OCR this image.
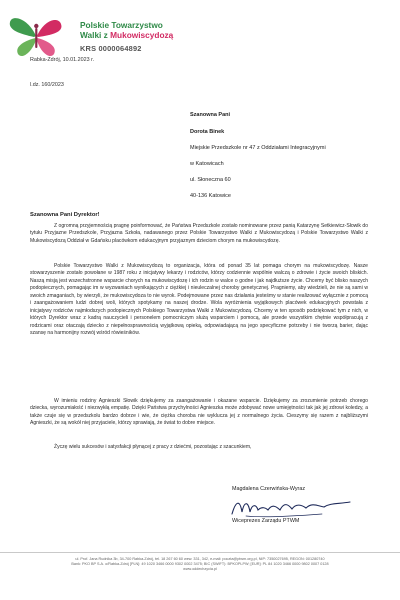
Polskie Towarzystwo
Walki z Mukowiscydozą
KRS 0000064892
Rabka-Zdrój, 10.01.2023 r.
l.dz. 160/2023
Szanowna Pani
Dorota Binek
Miejskie Przedszkole nr 47 z Oddziałami Integracyjnymi
w Katowicach
ul. Słoneczna 60
40-136 Katowice
Szanowna Pani Dyrektor!

Z ogromną przyjemnością pragnę poinformować, że Państwa Przedszkole zostało nominowane przez panią Katarzynę Setkiewicz-Słowik do tytułu Przyjazne Przedszkole, Przyjazna Szkoła, nadawanego przez Polskie Towarzystwo Walki z Mukowiscydozą i Polskie Towarzystwo Walki z Mukowiscydozą Oddział w Gdańsku placówkom edukacyjnym przyjaznym dzieciom chorym na mukowiscydozę.

Polskie Towarzystwo Walki z Mukowiscydozą to organizacja, która od ponad 35 lat pomaga chorym na mukowiscydozę. Nasze stowarzyszenie zostało powołane w 1987 roku z inicjatywy lekarzy i rodziców, którzy codziennie wspólnie walczą o zdrowie i życie swoich bliskich. Naszą misją jest wszechstronne wsparcie chorych na mukowiscydozę i ich rodzin w walce o godne i jak najdłuższe życie. Chcemy być blisko naszych podopiecznych, pomagając im w wyzwaniach wynikających z ciężkiej i nieuleczalnej choroby genetycznej. Pragniemy, aby wiedzieli, że nie są sami w swoich zmaganiach, by wierzyli, że mukowiscydoza to nie wyrok. Podejmowane przez nas działania jesteśmy w stanie realizować wyłącznie z pomocą i zaangażowaniem ludzi dobrej woli, których spotykamy na naszej drodze. Wola wyróżnienia wyjątkowych placówek edukacyjnych powstała z inicjatywy rodziców najmłodszych podopiecznych Polskiego Towarzystwa Walki z Mukowiscydozą. Chcemy w ten sposób podziękować tym z nich, w których Dyrektor wraz z kadrą nauczycieli i personelem pomocniczym służą wsparciem i pomocą, ale przede wszystkim chętnie współpracują z rodzicami oraz otaczają dziecko z niepełnosprawnością wyjątkową opieką, odpowiadającą na jego specyficzne potrzeby i nie tworzą barier, dając szansę na harmonijny rozwój wśród rówieśników.

W imieniu rodziny Agnieszki Słowik dziękujemy za zaangażowanie i okazane wsparcie. Dziękujemy za zrozumienie potrzeb chorego dziecka, wyrozumiałość i niezwykłą empatię. Dzięki Państwa przychylności Agnieszka może zdobywać nowe umiejętności tak jak jej zdrowi koledzy, a także czuje się w przedszkolu bardzo dobrze i wie, że ciężka choroba nie wyklucza jej z normalnego życia. Cieszymy się razem z najbliższymi Agnieszki, że są wokół niej przyjaciele, którzy sprawiają, że świat to dobre miejsce.

Życzę wielu sukcesów i satysfakcji płynącej z pracy z dziećmi, pozostając z szacunkiem,

Magdalena Czerwińska-Wyraz
Wiceprezes Zarządu PTWM
ul. Prof. Jana Rudnika 3b, 34-700 Rabka-Zdrój, tel. 18 267 60 60 wew. 331, 342, e-mail: poczta@ptwm.org.pl, NIP: 7350027695, REGON: 001280740
Bank: PKO BP S.A. o/Rabka-Zdrój [PLN]: 49 1020 3466 0000 9302 0002 3475; BIC (SWIFT): BPKOPLPW; [EUR]: PL 84 1020 3466 0000 9802 0007 0128
www.oddechzycia.pl
